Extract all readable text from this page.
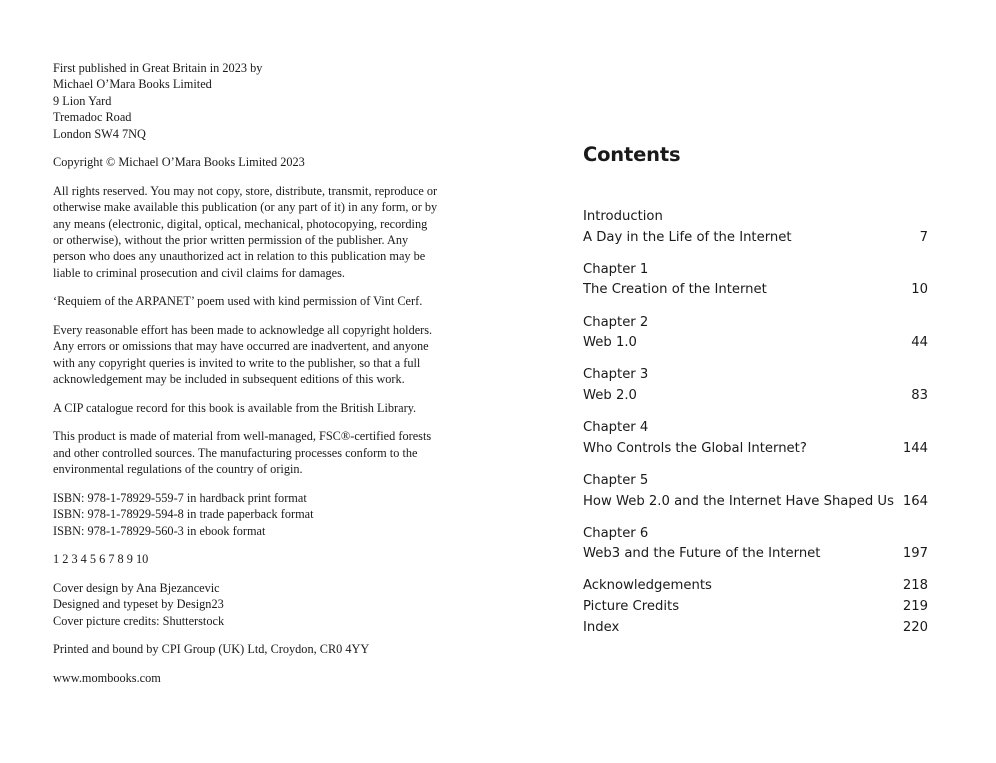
First published in Great Britain in 2023 by
Michael O’Mara Books Limited
9 Lion Yard
Tremadoc Road
London SW4 7NQ

Copyright © Michael O’Mara Books Limited 2023

All rights reserved. You may not copy, store, distribute, transmit, reproduce or
otherwise make available this publication (or any part of it) in any form, or by
any means (electronic, digital, optical, mechanical, photocopying, recording
or otherwise), without the prior written permission of the publisher. Any
person who does any unauthorized act in relation to this publication may be
liable to criminal prosecution and civil claims for damages.

‘Requiem of the ARPANET’ poem used with kind permission of Vint Cerf.

Every reasonable effort has been made to acknowledge all copyright holders.
Any errors or omissions that may have occurred are inadvertent, and anyone
with any copyright queries is invited to write to the publisher, so that a full
acknowledgement may be included in subsequent editions of this work.

A CIP catalogue record for this book is available from the British Library.

This product is made of material from well-managed, FSC®-certified forests
and other controlled sources. The manufacturing processes conform to the
environmental regulations of the country of origin.

ISBN: 978-1-78929-559-7 in hardback print format
ISBN: 978-1-78929-594-8 in trade paperback format
ISBN: 978-1-78929-560-3 in ebook format

1 2 3 4 5 6 7 8 9 10

Cover design by Ana Bjezancevic
Designed and typeset by Design23
Cover picture credits: Shutterstock

Printed and bound by CPI Group (UK) Ltd, Croydon, CR0 4YY

www.mombooks.com

Contents
Introduction
A Day in the Life of the Internet	7
Chapter 1
The Creation of the Internet	10
Chapter 2
Web 1.0	44
Chapter 3
Web 2.0	83
Chapter 4
Who Controls the Global Internet?	144
Chapter 5
How Web 2.0 and the Internet Have Shaped Us 164
Chapter 6
Web3 and the Future of the Internet	197
Acknowledgements	218
Picture Credits	219
Index	220
